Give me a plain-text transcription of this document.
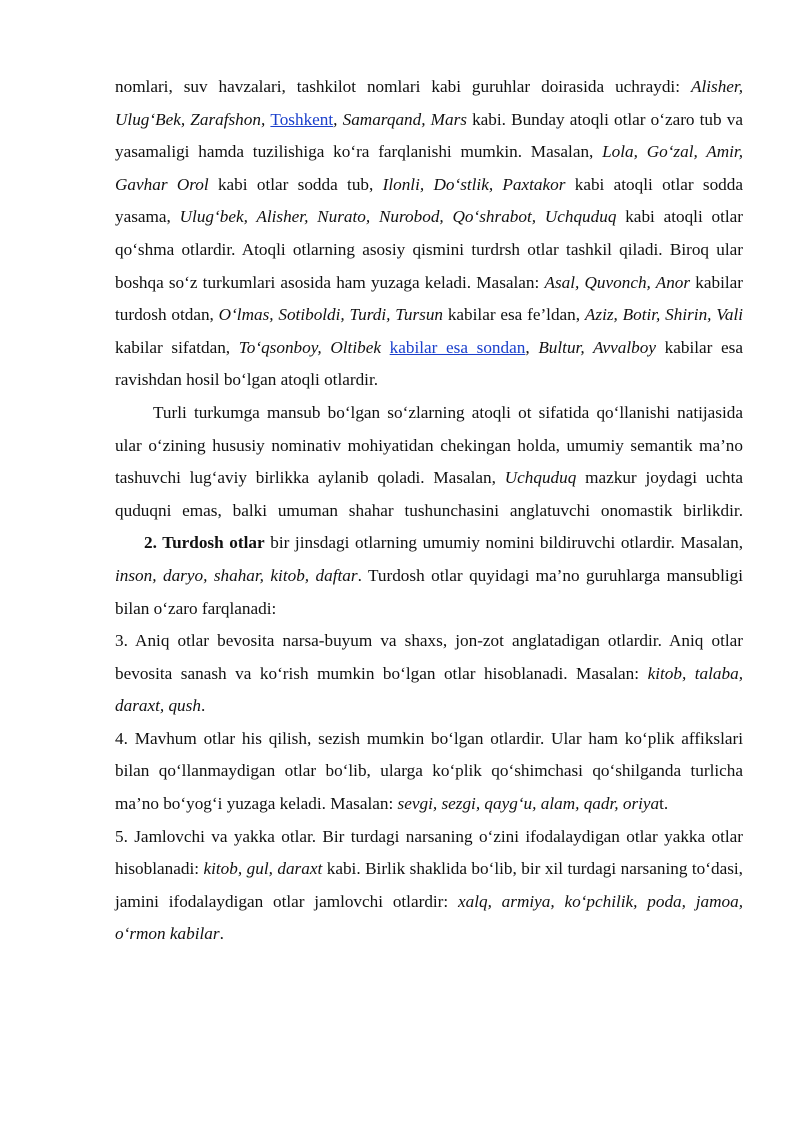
nomlari, suv havzalari, tashkilot nomlari kabi guruhlar doirasida uchraydi: Alisher, Ulug‘Bek, Zarafshon, Toshkent, Samarqand, Mars kabi. Bunday atoqli otlar o‘zaro tub va yasamaligi hamda tuzilishiga ko‘ra farqlanishi mumkin. Masalan, Lola, Go‘zal, Amir, Gavhar Orol kabi otlar sodda tub, Ilonli, Do‘stlik, Paxtakor kabi atoqli otlar sodda yasama, Ulug‘bek, Alisher, Nurato, Nurobod, Qo‘shrabot, Uchquduq kabi atoqli otlar qo‘shma otlardir. Atoqli otlarning asosiy qismini turdrsh otlar tashkil qiladi. Biroq ular boshqa so‘z turkumlari asosida ham yuzaga keladi. Masalan: Asal, Quvonch, Anor kabilar turdosh otdan, O‘lmas, Sotiboldi, Turdi, Tursun kabilar esa fe’ldan, Aziz, Botir, Shirin, Vali kabilar sifatdan, To‘qsonboy, Oltibek kabilar esa sondan, Bultur, Avvalboy kabilar esa ravishdan hosil bo‘lgan atoqli otlardir.

Turli turkumga mansub bo‘lgan so‘zlarning atoqli ot sifatida qo‘llanishi natijasida ular o‘zining hususiy nominativ mohiyatidan chekingan holda, umumiy semantik ma’no tashuvchi lug‘aviy birlikka aylanib qoladi. Masalan, Uchquduq mazkur joydagi uchta quduqni emas, balki umuman shahar tushunchasini anglatuvchi onomastik birlikdir.

2. Turdosh otlar bir jinsdagi otlarning umumiy nomini bildiruvchi otlardir. Masalan, inson, daryo, shahar, kitob, daftar. Turdosh otlar quyidagi ma’no guruhlarga mansubligi bilan o‘zaro farqlanadi:

3. Aniq otlar bevosita narsa-buyum va shaxs, jon-zot anglatadigan otlardir. Aniq otlar bevosita sanash va ko‘rish mumkin bo‘lgan otlar hisoblanadi. Masalan: kitob, talaba, daraxt, qush.

4. Mavhum otlar his qilish, sezish mumkin bo‘lgan otlardir. Ular ham ko‘plik affikslari bilan qo‘llanmaydigan otlar bo‘lib, ularga ko‘plik qo‘shimchasi qo‘shilganda turlicha ma’no bo‘yog‘i yuzaga keladi. Masalan: sevgi, sezgi, qayg‘u, alam, qadr, oriyat.

5. Jamlovchi va yakka otlar. Bir turdagi narsaning o‘zini ifodalaydigan otlar yakka otlar hisoblanadi: kitob, gul, daraxt kabi. Birlik shaklida bo‘lib, bir xil turdagi narsaning to‘dasi, jamini ifodalaydigan otlar jamlovchi otlardir: xalq, armiya, ko‘pchilik, poda, jamoa, o‘rmon kabilar.
